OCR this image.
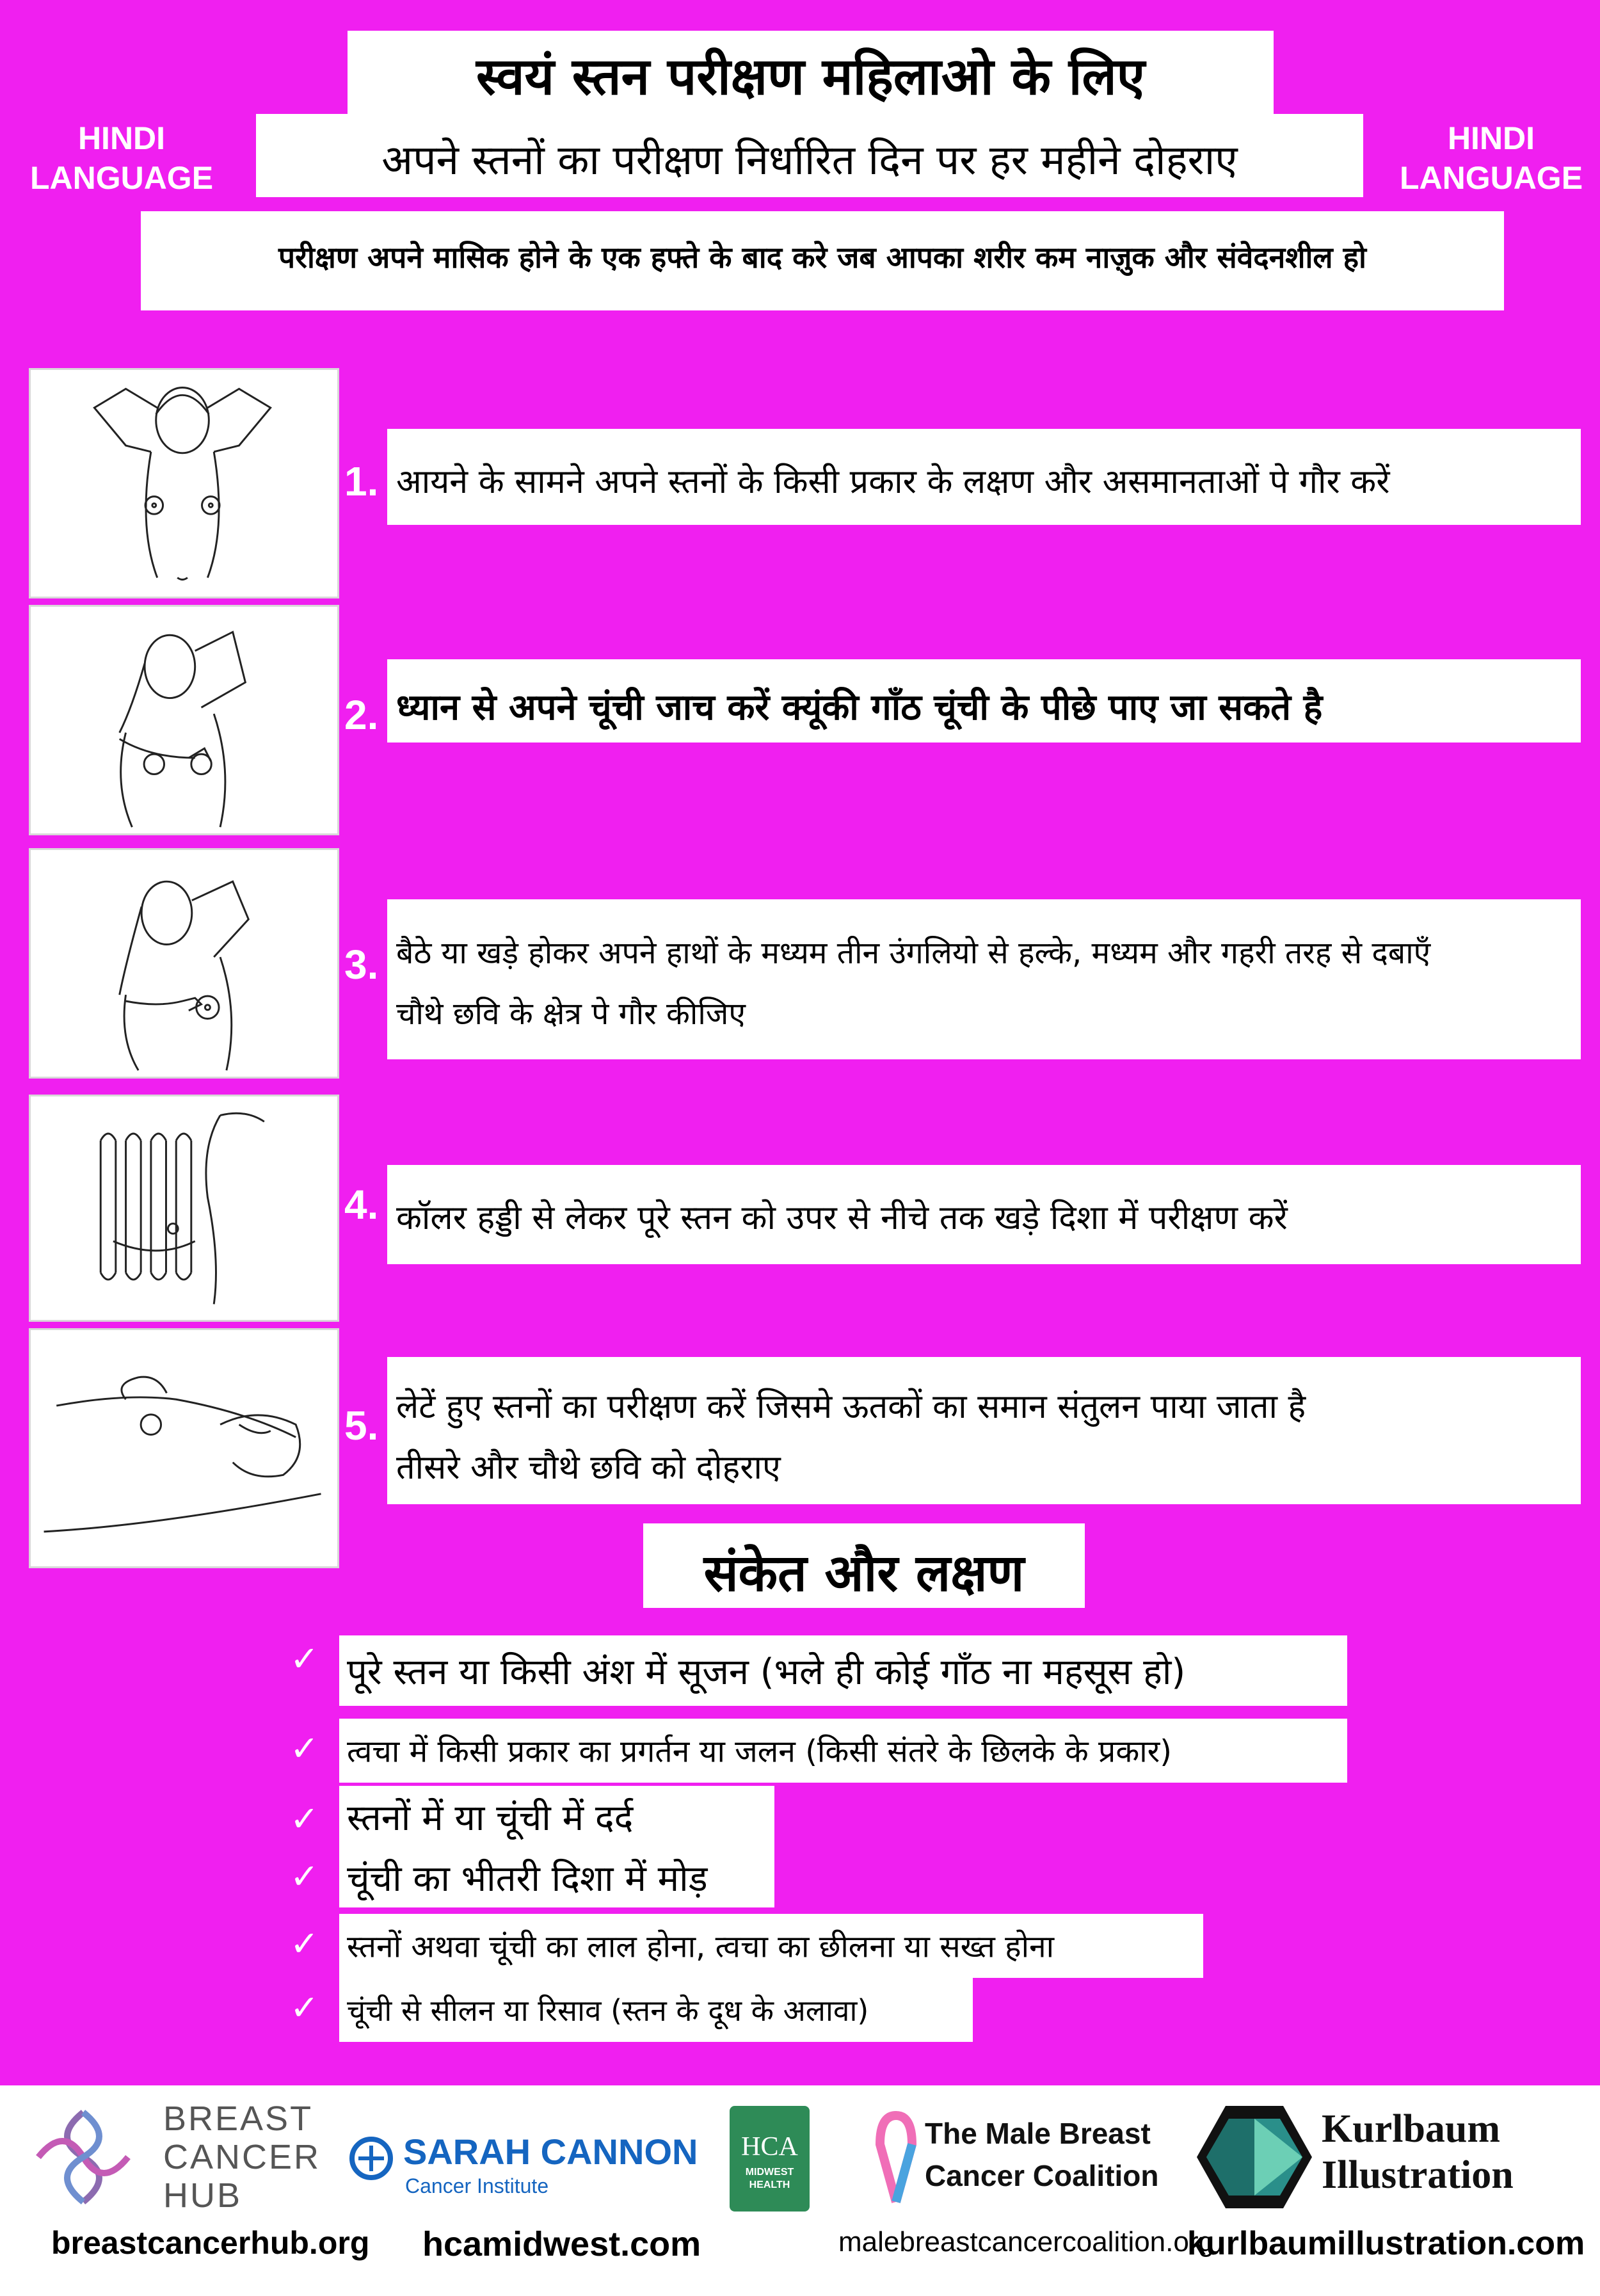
स्वयं स्तन परीक्षण महिलाओ के लिए
अपने स्तनों का परीक्षण निर्धारित दिन पर हर महीने दोहराए
HINDI
LANGUAGE
HINDI
LANGUAGE
परीक्षण अपने मासिक होने के एक हफ्ते के बाद करे जब आपका शरीर कम नाज़ुक और संवेदनशील हो
1.
2.
3.
4.
5.
आयने के सामने अपने स्तनों के किसी प्रकार के लक्षण और असमानताओं पे गौर करें
ध्यान से अपने चूंची जाच करें क्यूंकी गाँठ चूंची के पीछे पाए जा सकते है
बैठे या खड़े होकर अपने हाथों के मध्यम तीन उंगलियो से हल्के, मध्यम और गहरी तरह से दबाएँ
चौथे छवि के क्षेत्र पे गौर कीजिए
कॉलर हड्डी से लेकर पूरे स्तन को उपर से नीचे तक खड़े दिशा में परीक्षण करें
लेटें हुए स्तनों का परीक्षण करें जिसमे ऊतकों का समान संतुलन पाया जाता है
तीसरे और चौथे छवि को दोहराए
संकेत और लक्षण
✓ पूरे स्तन या किसी अंश में सूजन (भले ही कोई गाँठ ना महसूस हो)
✓ त्वचा में किसी प्रकार का प्रगर्तन या जलन (किसी संतरे के छिलके के प्रकार)
✓ स्तनों में या चूंची में दर्द
✓ चूंची का भीतरी दिशा में मोड़
✓ स्तनों अथवा चूंची का लाल होना, त्वचा का छीलना या सख्त होना
✓ चूंची से सीलन या रिसाव (स्तन के दूध के अलावा)
BREAST
CANCER
HUB
breastcancerhub.org
SARAH CANNON
Cancer Institute
hcamidwest.com
HCA
MIDWEST
HEALTH
The Male Breast
Cancer Coalition
malebreastcancercoalition.org
Kurlbaum
Illustration
kurlbaumillustration.com
